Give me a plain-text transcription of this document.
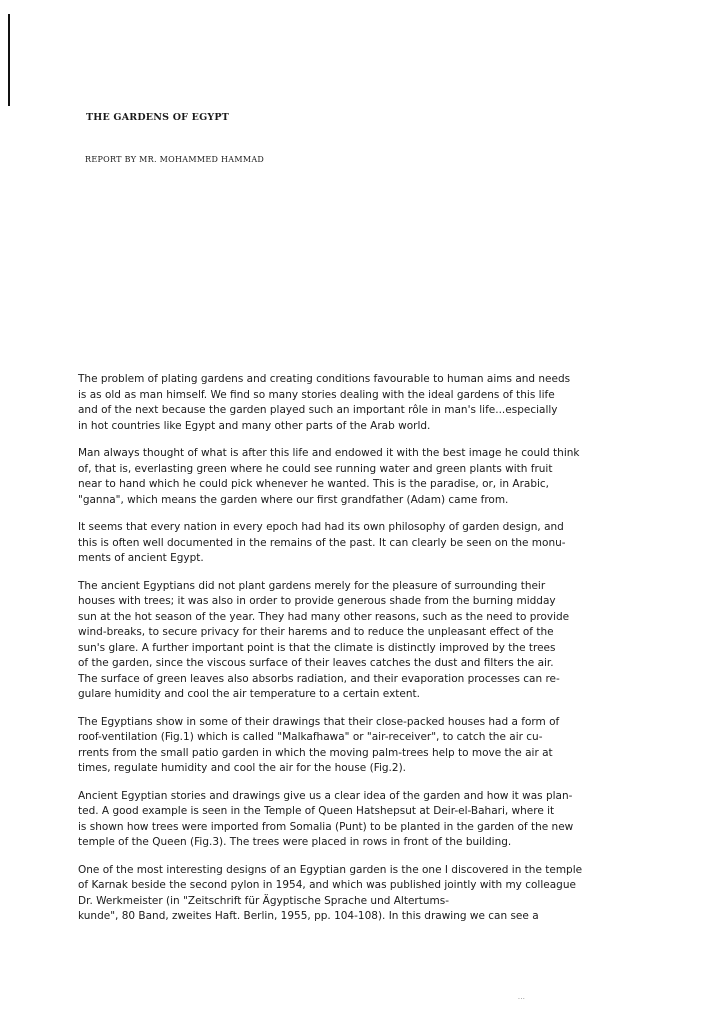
THE GARDENS OF EGYPT
REPORT BY MR. MOHAMMED HAMMAD
The problem of plating gardens and creating conditions favourable to human aims and needs
is as old as man himself. We find so many stories dealing with the ideal gardens of this life
and of the next because the garden played such an important rôle in man's life...especially
in hot countries like Egypt and many other parts of the Arab world.
Man always thought of what is after this life and endowed it with the best image he could think
of, that is, everlasting green where he could see running water and green plants with fruit
near to hand which he could pick whenever he wanted. This is the paradise, or, in Arabic,
"ganna", which means the garden where our first grandfather (Adam) came from.
It seems that every nation in every epoch had had its own philosophy of garden design, and
this is often well documented in the remains of the past. It can clearly be seen on the monu-
ments of ancient Egypt.
The ancient Egyptians did not plant gardens merely for the pleasure of surrounding their
houses with trees; it was also in order to provide generous shade from the burning midday
sun at the hot season of the year. They had many other reasons, such as the need to provide
wind-breaks, to secure privacy for their harems and to reduce the unpleasant effect of the
sun's glare. A further important point is that the climate is distinctly improved by the trees
of the garden, since the viscous surface of their leaves catches the dust and filters the air.
The surface of green leaves also absorbs radiation, and their evaporation processes can re-
gulare humidity and cool the air temperature to a certain extent.
The Egyptians show in some of their drawings that their close-packed houses had a form of
roof-ventilation (Fig.1) which is called "Malkafhawa" or "air-receiver", to catch the air cu-
rrents from the small patio garden in which the moving palm-trees help to move the air at
times, regulate humidity and cool the air for the house (Fig.2).
Ancient Egyptian stories and drawings give us a clear idea of the garden and how it was plan-
ted. A good example is seen in the Temple of Queen Hatshepsut at Deir-el-Bahari, where it
is shown how trees were imported from Somalia (Punt) to be planted in the garden of the new
temple of the Queen (Fig.3). The trees were placed in rows in front of the building.
One of the most interesting designs of an Egyptian garden is the one I discovered in the temple
of Karnak beside the second pylon in 1954, and which was published jointly with my colleague
Dr. Werkmeister (in "Zeitschrift für Ägyptische Sprache und Altertums-
kunde", 80 Band, zweites Haft. Berlin, 1955, pp. 104-108). In this drawing we can see a
...
